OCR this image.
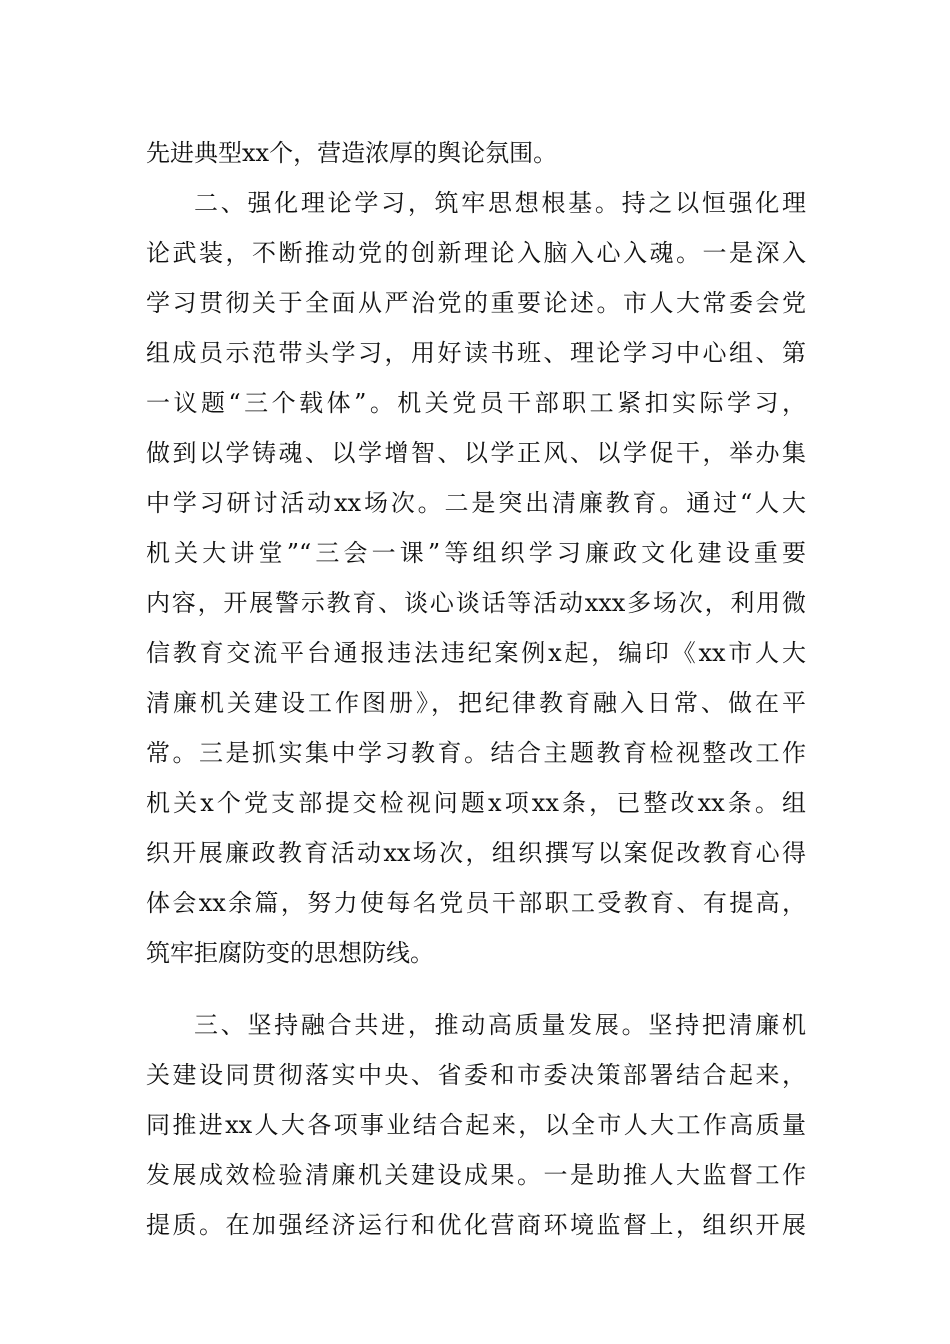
先进典型xx个，营造浓厚的舆论氛围。
二、强化理论学习，筑牢思想根基。持之以恒强化理
论武装，不断推动党的创新理论入脑入心入魂。一是深入
学习贯彻关于全面从严治党的重要论述。市人大常委会党
组成员示范带头学习，用好读书班、理论学习中心组、第
一议题“三个载体”。机关党员干部职工紧扣实际学习，
做到以学铸魂、以学增智、以学正风、以学促干，举办集
中学习研讨活动xx场次。二是突出清廉教育。通过“人大
机关大讲堂”“三会一课”等组织学习廉政文化建设重要
内容，开展警示教育、谈心谈话等活动xxx多场次，利用微
信教育交流平台通报违法违纪案例x起，编印《xx市人大
清廉机关建设工作图册》，把纪律教育融入日常、做在平
常。三是抓实集中学习教育。结合主题教育检视整改工作
机关x个党支部提交检视问题x项xx条，已整改xx条。组
织开展廉政教育活动xx场次，组织撰写以案促改教育心得
体会xx余篇，努力使每名党员干部职工受教育、有提高，
筑牢拒腐防变的思想防线。
三、坚持融合共进，推动高质量发展。坚持把清廉机
关建设同贯彻落实中央、省委和市委决策部署结合起来，
同推进xx人大各项事业结合起来，以全市人大工作高质量
发展成效检验清廉机关建设成果。一是助推人大监督工作
提质。在加强经济运行和优化营商环境监督上，组织开展
